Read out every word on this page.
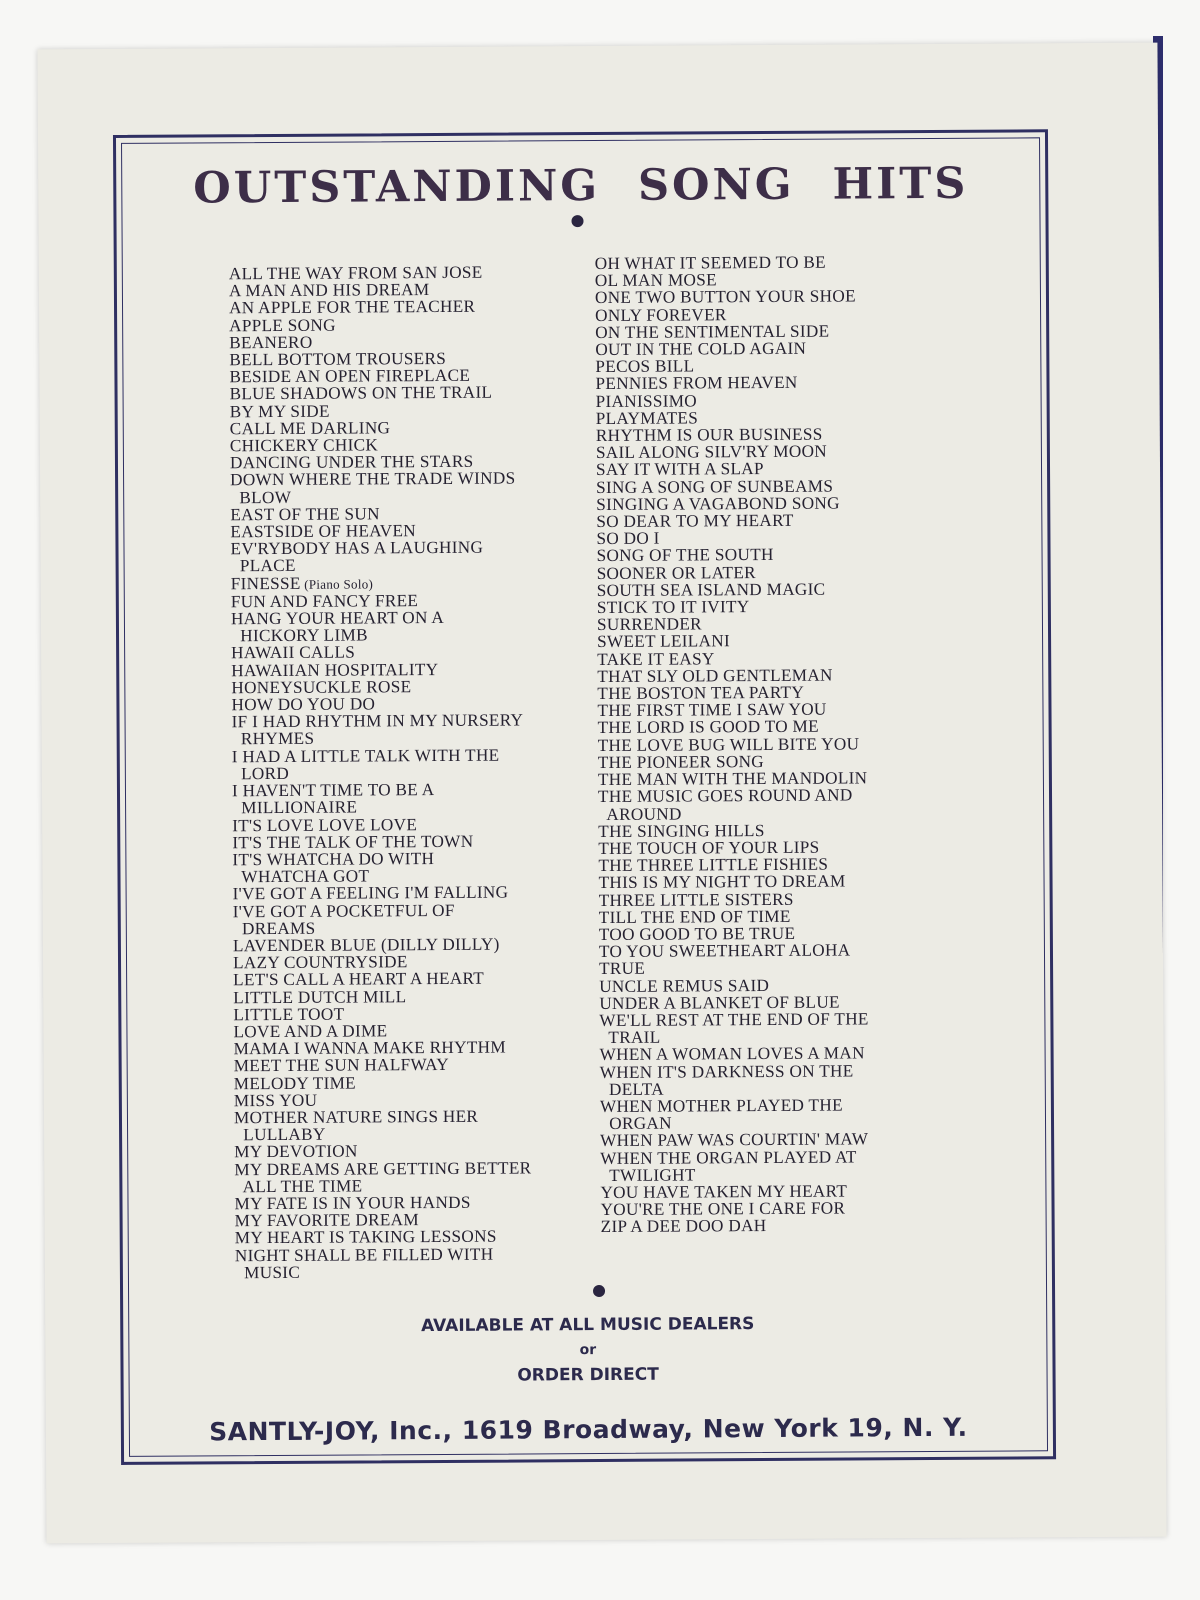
OUTSTANDING SONG HITS
ALL THE WAY FROM SAN JOSE
A MAN AND HIS DREAM
AN APPLE FOR THE TEACHER
APPLE SONG
BEANERO
BELL BOTTOM TROUSERS
BESIDE AN OPEN FIREPLACE
BLUE SHADOWS ON THE TRAIL
BY MY SIDE
CALL ME DARLING
CHICKERY CHICK
DANCING UNDER THE STARS
DOWN WHERE THE TRADE WINDS
BLOW
EAST OF THE SUN
EASTSIDE OF HEAVEN
EV'RYBODY HAS A LAUGHING
PLACE
FINESSE (Piano Solo)
FUN AND FANCY FREE
HANG YOUR HEART ON A
HICKORY LIMB
HAWAII CALLS
HAWAIIAN HOSPITALITY
HONEYSUCKLE ROSE
HOW DO YOU DO
IF I HAD RHYTHM IN MY NURSERY
RHYMES
I HAD A LITTLE TALK WITH THE
LORD
I HAVEN'T TIME TO BE A
MILLIONAIRE
IT'S LOVE LOVE LOVE
IT'S THE TALK OF THE TOWN
IT'S WHATCHA DO WITH
WHATCHA GOT
I'VE GOT A FEELING I'M FALLING
I'VE GOT A POCKETFUL OF
DREAMS
LAVENDER BLUE (DILLY DILLY)
LAZY COUNTRYSIDE
LET'S CALL A HEART A HEART
LITTLE DUTCH MILL
LITTLE TOOT
LOVE AND A DIME
MAMA I WANNA MAKE RHYTHM
MEET THE SUN HALFWAY
MELODY TIME
MISS YOU
MOTHER NATURE SINGS HER
LULLABY
MY DEVOTION
MY DREAMS ARE GETTING BETTER
ALL THE TIME
MY FATE IS IN YOUR HANDS
MY FAVORITE DREAM
MY HEART IS TAKING LESSONS
NIGHT SHALL BE FILLED WITH
MUSIC
OH WHAT IT SEEMED TO BE
OL MAN MOSE
ONE TWO BUTTON YOUR SHOE
ONLY FOREVER
ON THE SENTIMENTAL SIDE
OUT IN THE COLD AGAIN
PECOS BILL
PENNIES FROM HEAVEN
PIANISSIMO
PLAYMATES
RHYTHM IS OUR BUSINESS
SAIL ALONG SILV'RY MOON
SAY IT WITH A SLAP
SING A SONG OF SUNBEAMS
SINGING A VAGABOND SONG
SO DEAR TO MY HEART
SO DO I
SONG OF THE SOUTH
SOONER OR LATER
SOUTH SEA ISLAND MAGIC
STICK TO IT IVITY
SURRENDER
SWEET LEILANI
TAKE IT EASY
THAT SLY OLD GENTLEMAN
THE BOSTON TEA PARTY
THE FIRST TIME I SAW YOU
THE LORD IS GOOD TO ME
THE LOVE BUG WILL BITE YOU
THE PIONEER SONG
THE MAN WITH THE MANDOLIN
THE MUSIC GOES ROUND AND
AROUND
THE SINGING HILLS
THE TOUCH OF YOUR LIPS
THE THREE LITTLE FISHIES
THIS IS MY NIGHT TO DREAM
THREE LITTLE SISTERS
TILL THE END OF TIME
TOO GOOD TO BE TRUE
TO YOU SWEETHEART ALOHA
TRUE
UNCLE REMUS SAID
UNDER A BLANKET OF BLUE
WE'LL REST AT THE END OF THE
TRAIL
WHEN A WOMAN LOVES A MAN
WHEN IT'S DARKNESS ON THE
DELTA
WHEN MOTHER PLAYED THE
ORGAN
WHEN PAW WAS COURTIN' MAW
WHEN THE ORGAN PLAYED AT
TWILIGHT
YOU HAVE TAKEN MY HEART
YOU'RE THE ONE I CARE FOR
ZIP A DEE DOO DAH
AVAILABLE AT ALL MUSIC DEALERS
or
ORDER DIRECT
SANTLY-JOY, Inc., 1619 Broadway, New York 19, N. Y.
